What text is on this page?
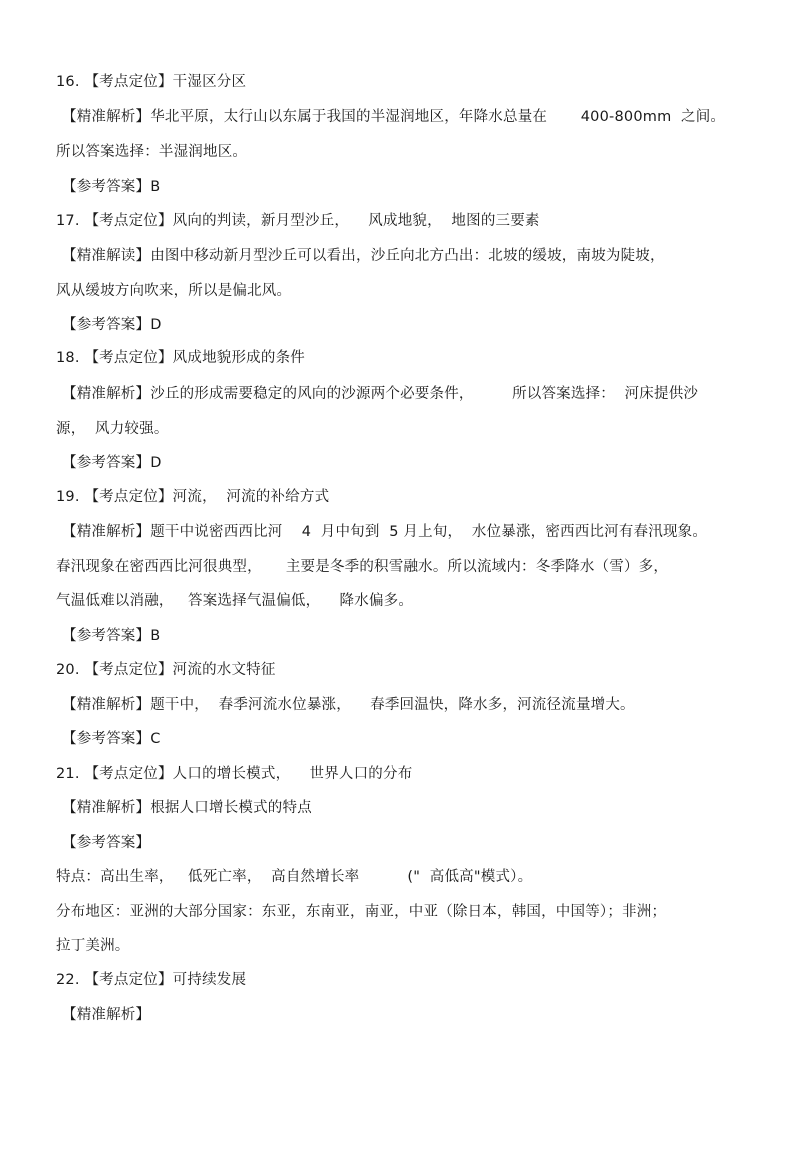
16. 【考点定位】干湿区分区
【精准解析】华北平原，太行山以东属于我国的半湿润地区，年降水总量在       400-800mm  之间。
所以答案选择：半湿润地区。
【参考答案】B
17. 【考点定位】风向的判读，新月型沙丘，    风成地貌，  地图的三要素
【精准解读】由图中移动新月型沙丘可以看出，沙丘向北方凸出：北坡的缓坡，南坡为陡坡，
风从缓坡方向吹来，所以是偏北风。
【参考答案】D
18. 【考点定位】风成地貌形成的条件
【精准解析】沙丘的形成需要稳定的风向的沙源两个必要条件，        所以答案选择：  河床提供沙
源，  风力较强。
【参考答案】D
19. 【考点定位】河流，  河流的补给方式
【精准解析】题干中说密西西比河    4  月中旬到  5 月上旬，  水位暴涨，密西西比河有春汛现象。
春汛现象在密西西比河很典型，     主要是冬季的积雪融水。所以流域内：冬季降水（雪）多，
气温低难以消融，   答案选择气温偏低，    降水偏多。
【参考答案】B
20. 【考点定位】河流的水文特征
【精准解析】题干中，  春季河流水位暴涨，    春季回温快，降水多，河流径流量增大。
【参考答案】C
21. 【考点定位】人口的增长模式，    世界人口的分布
【精准解析】根据人口增长模式的特点
【参考答案】
特点：高出生率，   低死亡率，  高自然增长率          ("  高低高"模式）。
分布地区：亚洲的大部分国家：东亚，东南亚，南亚，中亚（除日本，韩国，中国等）；非洲；
拉丁美洲。
22. 【考点定位】可持续发展
【精准解析】
